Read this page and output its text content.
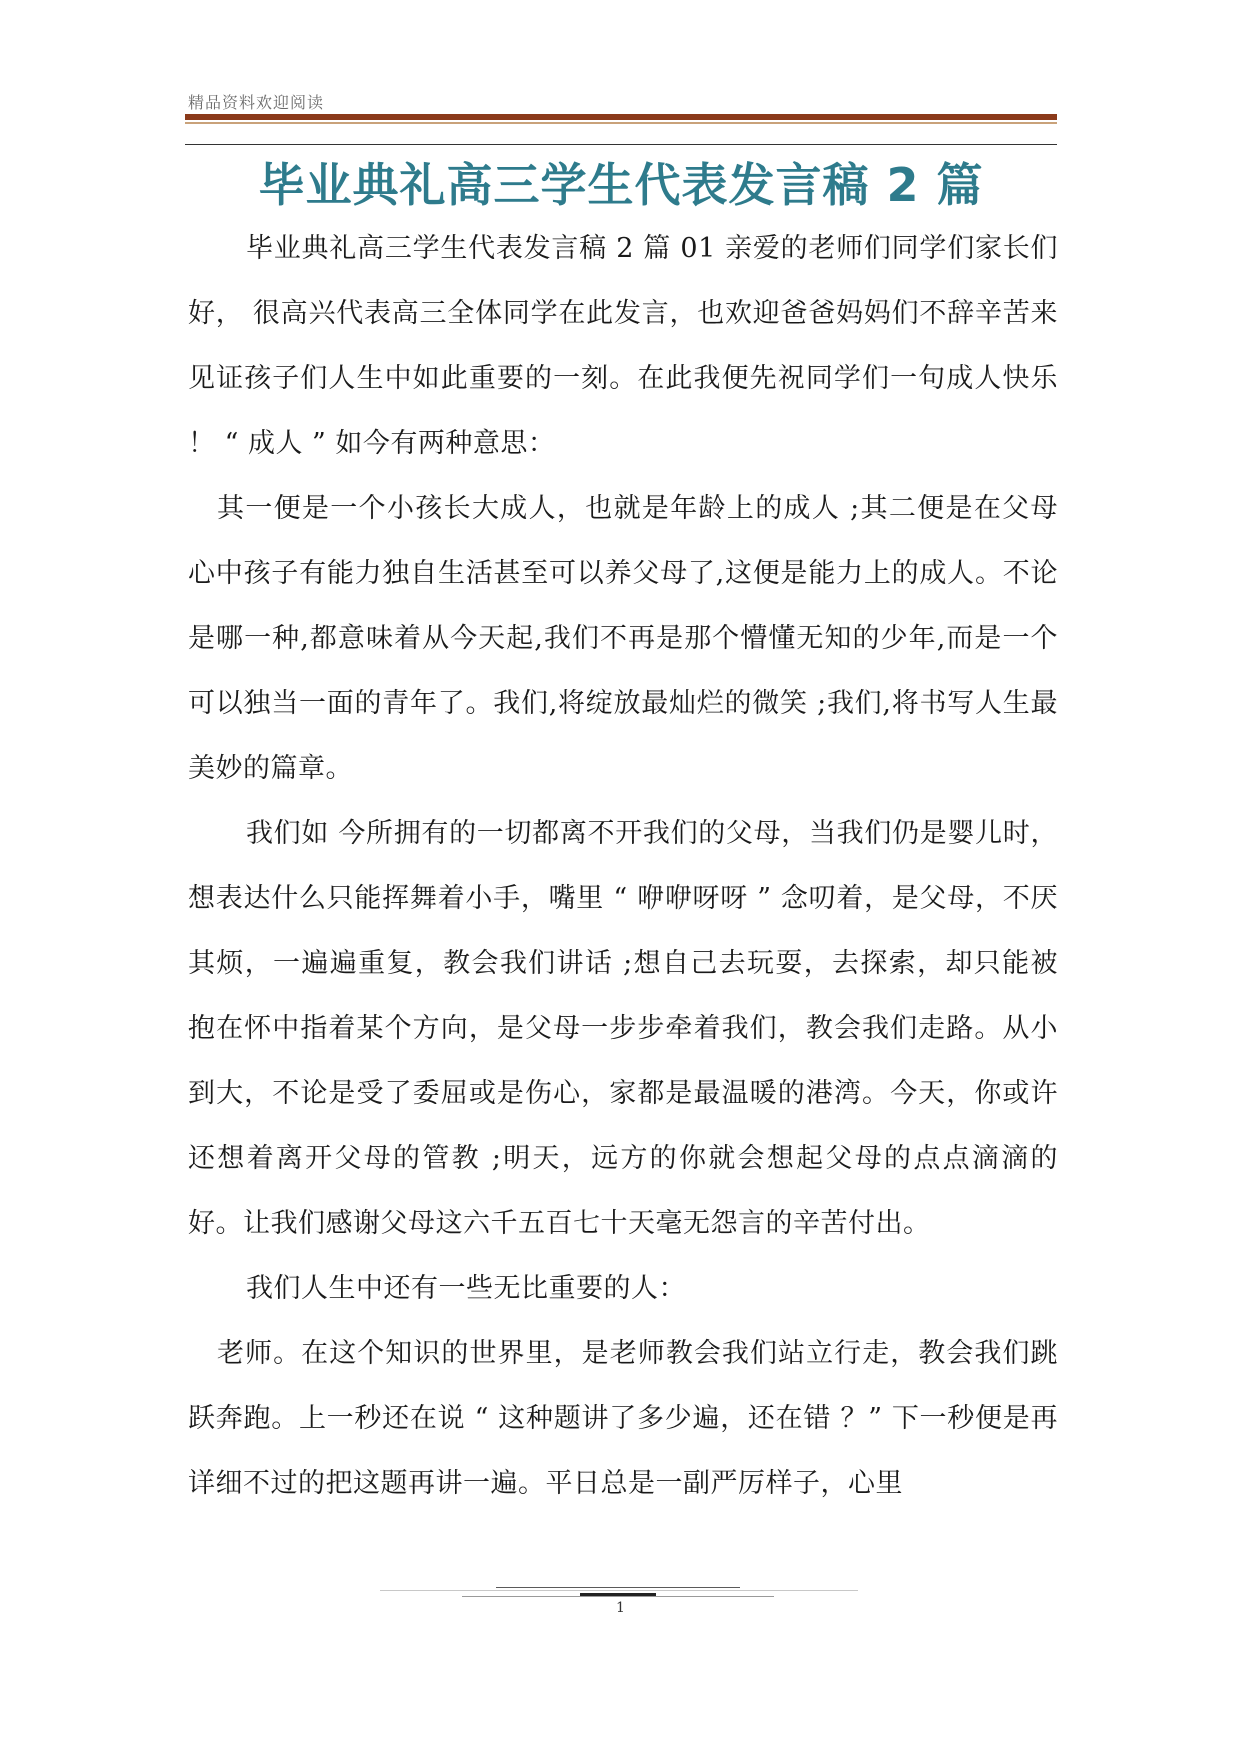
精品资料欢迎阅读
毕业典礼高三学生代表发言稿 2 篇

毕业典礼高三学生代表发言稿 2 篇 01 亲爱的老师们同学们家长们好， 很高兴代表高三全体同学在此发言，也欢迎爸爸妈妈们不辞辛苦来见证孩子们人生中如此重要的一刻。在此我便先祝同学们一句成人快乐 ！ “ 成人 ” 如今有两种意思：

其一便是一个小孩长大成人，也就是年龄上的成人 ;其二便是在父母心中孩子有能力独自生活甚至可以养父母了,这便是能力上的成人。不论是哪一种,都意味着从今天起,我们不再是那个懵懂无知的少年,而是一个可以独当一面的青年了。我们,将绽放最灿烂的微笑 ;我们,将书写人生最美妙的篇章。

我们如 今所拥有的一切都离不开我们的父母，当我们仍是婴儿时，想表达什么只能挥舞着小手，嘴里 “ 咿咿呀呀 ” 念叨着，是父母，不厌其烦，一遍遍重复，教会我们讲话 ;想自己去玩耍，去探索，却只能被抱在怀中指着某个方向，是父母一步步牵着我们，教会我们走路。从小到大，不论是受了委屈或是伤心，家都是最温暖的港湾。今天，你或许还想着离开父母的管教 ;明天，远方的你就会想起父母的点点滴滴的好。让我们感谢父母这六千五百七十天毫无怨言的辛苦付出。

我们人生中还有一些无比重要的人：

老师。在这个知识的世界里，是老师教会我们站立行走，教会我们跳 跃奔跑。上一秒还在说 “ 这种题讲了多少遍，还在错 ？” 下一秒便是再详细不过的把这题再讲一遍。平日总是一副严厉样子，心里

1
